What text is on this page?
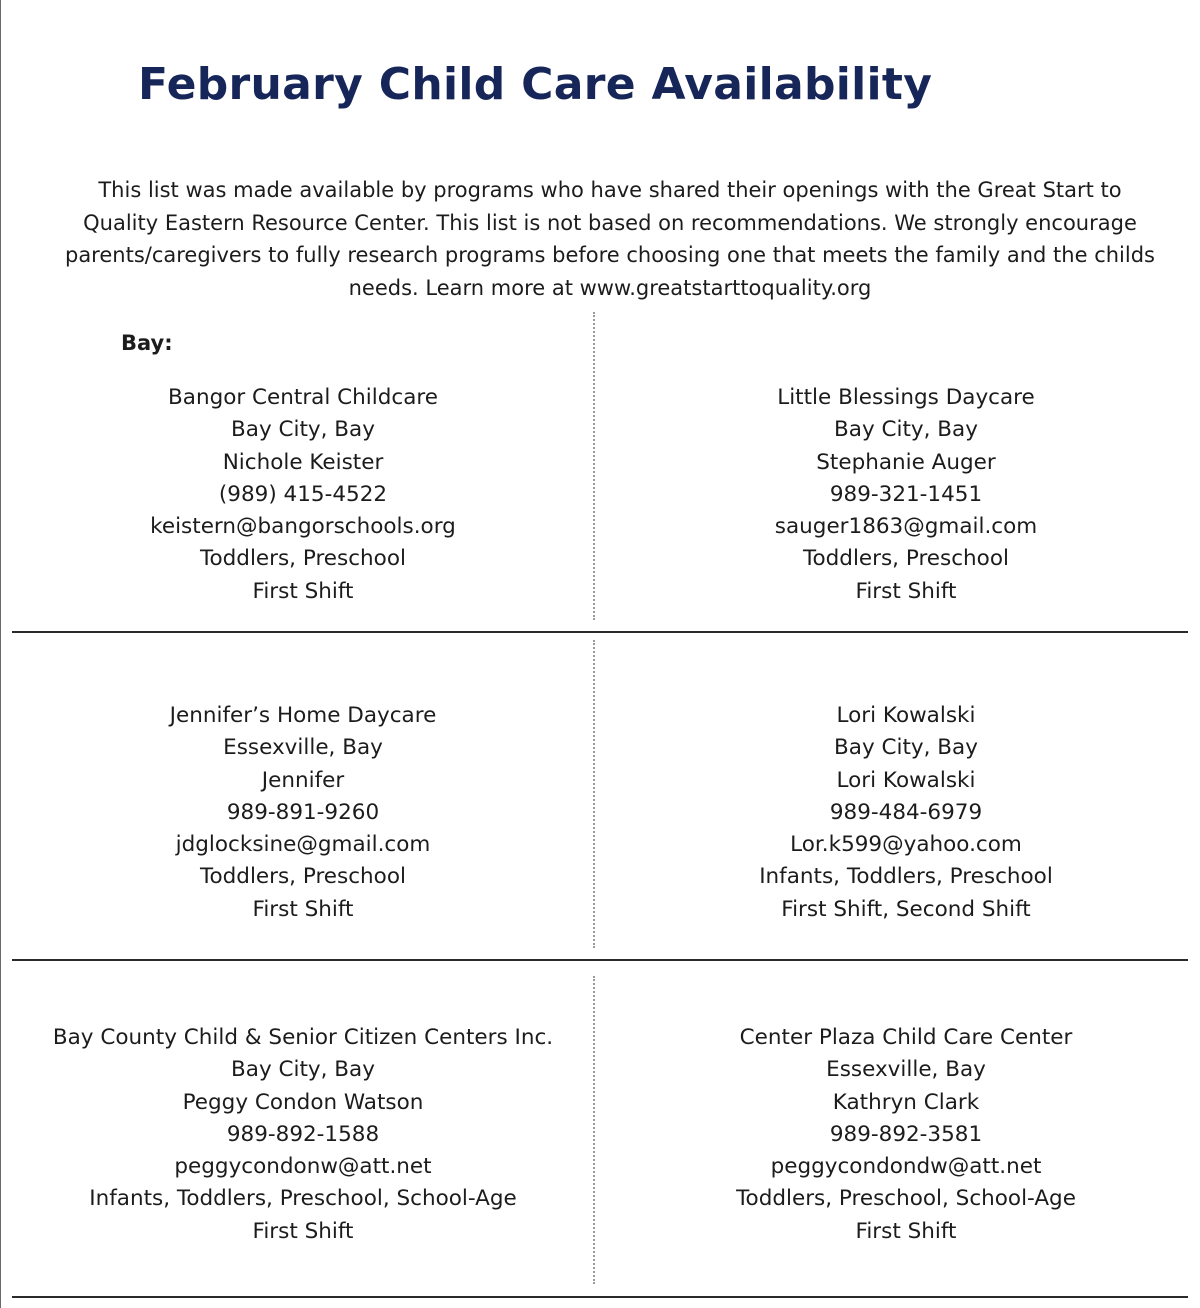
February Child Care Availability

This list was made available by programs who have shared their openings with the Great Start to Quality Eastern Resource Center. This list is not based on recommendations. We strongly encourage parents/caregivers to fully research programs before choosing one that meets the family and the childs needs. Learn more at www.greatstarttoquality.org

Bay:
Bangor Central Childcare
Bay City, Bay
Nichole Keister
(989) 415-4522
keistern@bangorschools.org
Toddlers, Preschool
First Shift
Little Blessings Daycare
Bay City, Bay
Stephanie Auger
989-321-1451
sauger1863@gmail.com
Toddlers, Preschool
First Shift
Jennifer’s Home Daycare
Essexville, Bay
Jennifer
989-891-9260
jdglocksine@gmail.com
Toddlers, Preschool
First Shift
Lori Kowalski
Bay City, Bay
Lori Kowalski
989-484-6979
Lor.k599@yahoo.com
Infants, Toddlers, Preschool
First Shift, Second Shift
Bay County Child & Senior Citizen Centers Inc.
Bay City, Bay
Peggy Condon Watson
989-892-1588
peggycondonw@att.net
Infants, Toddlers, Preschool, School-Age
First Shift
Center Plaza Child Care Center
Essexville, Bay
Kathryn Clark
989-892-3581
peggycondondw@att.net
Toddlers, Preschool, School-Age
First Shift
